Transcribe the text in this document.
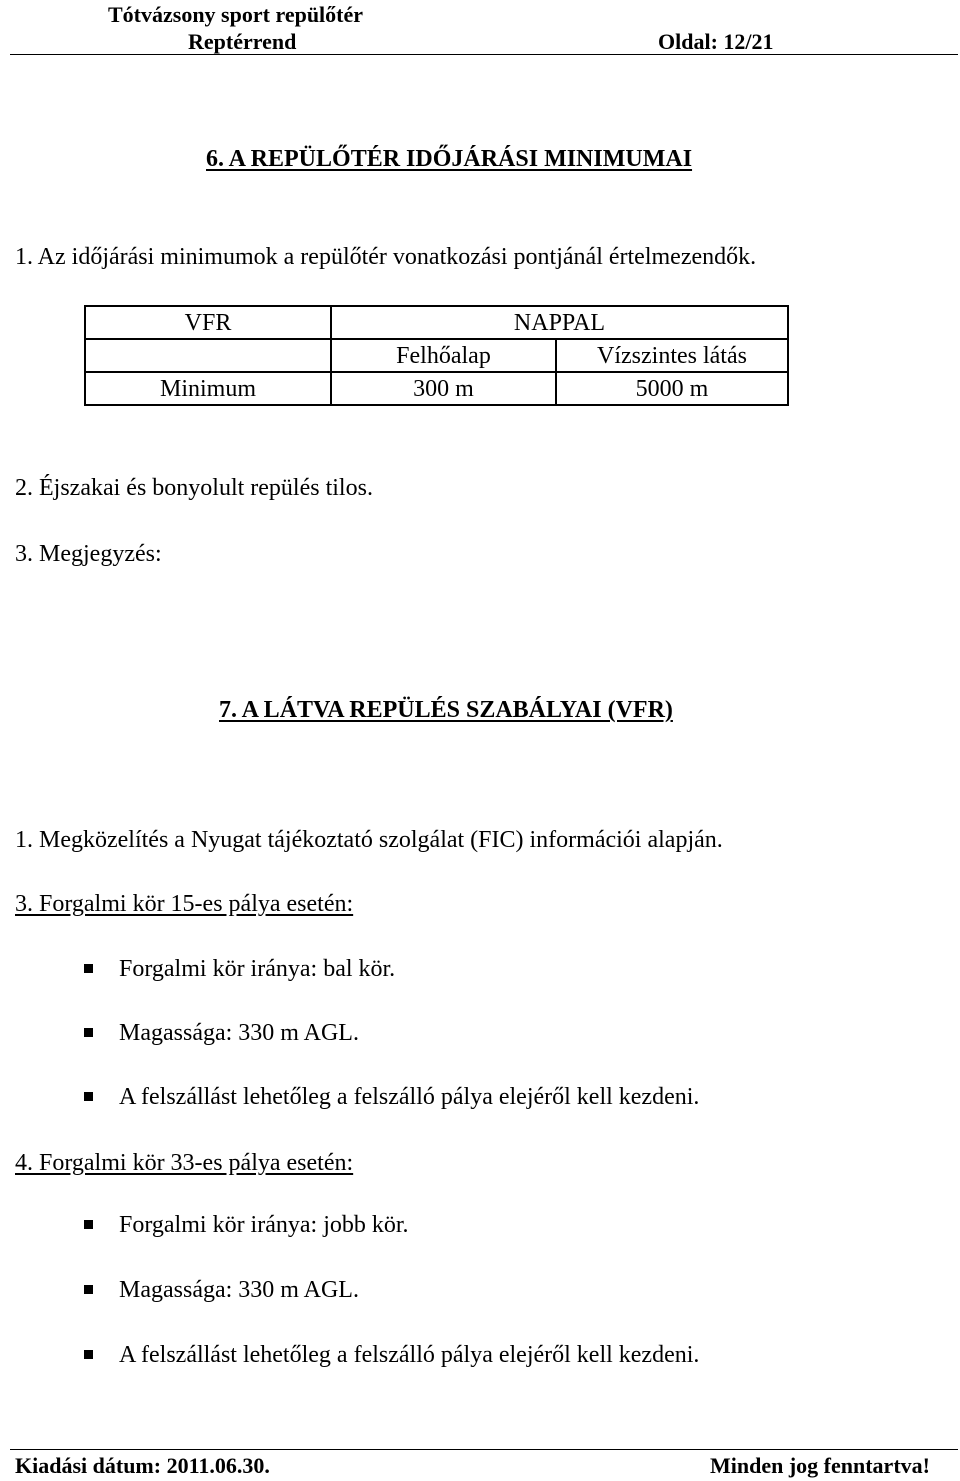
Tótvázsony sport repülőtér
Reptérrend	Oldal: 12/21
6. A REPÜLŐTÉR IDŐJÁRÁSI MINIMUMAI
1. Az időjárási minimumok a repülőtér vonatkozási pontjánál értelmezendők.
VFR	NAPPAL	
	Felhőalap	Vízszintes látás
Minimum	300 m	5000 m
2. Éjszakai és bonyolult repülés tilos.
3. Megjegyzés:
7. A LÁTVA REPÜLÉS SZABÁLYAI (VFR)
1. Megközelítés a Nyugat tájékoztató szolgálat (FIC) információi alapján.
3. Forgalmi kör 15-es pálya esetén:
Forgalmi kör iránya: bal kör.
Magassága: 330 m AGL.
A felszállást lehetőleg a felszálló pálya elejéről kell kezdeni.
4. Forgalmi kör 33-es pálya esetén:
Forgalmi kör iránya: jobb kör.
Magassága: 330 m AGL.
A felszállást lehetőleg a felszálló pálya elejéről kell kezdeni.
Kiadási dátum: 2011.06.30.	Minden jog fenntartva!
